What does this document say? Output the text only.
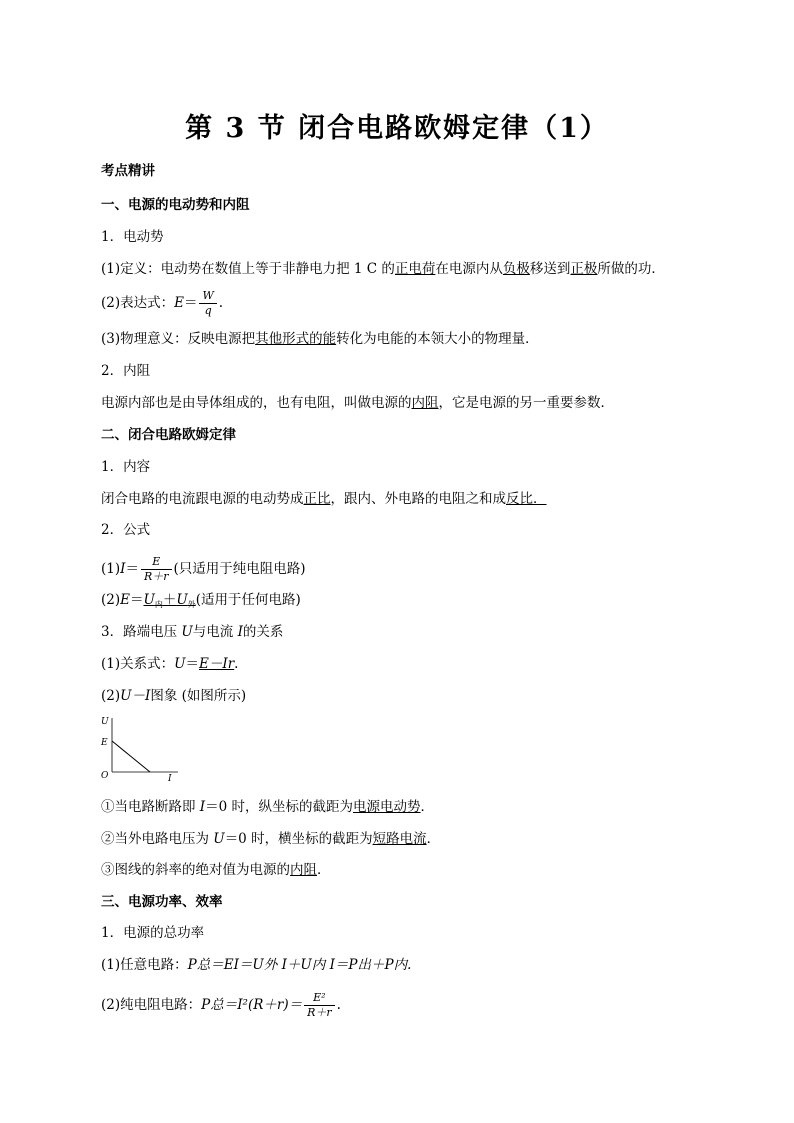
第 3 节 闭合电路欧姆定律（1）
考点精讲
一、电源的电动势和内阻
1．电动势
(1)定义：电动势在数值上等于非静电力把 1 C 的正电荷在电源内从负极移送到正极所做的功．
(2)表达式：$E= \frac{W}{q}$ .
(3)物理意义：反映电源把其他形式的能转化为电能的本领大小的物理量．
2．内阻
电源内部也是由导体组成的，也有电阻，叫做电源的内阻，它是电源的另一重要参数．
二、闭合电路欧姆定律
1．内容
闭合电路的电流跟电源的电动势成正比，跟内、外电路的电阻之和成反比．
2．公式
$(1)I= \frac{E}{R+r}$ (只适用于纯电阻电路)
$(2)E=U_内+U_外$(适用于任何电路)
3．路端电压 U与电流 I的关系
(1)关系式：U＝E－Ir.
(2)U－I图象 (如图所示)
U
E
O	I
①当电路断路即 I＝0 时，纵坐标的截距为电源电动势．
②当外电路电压为 U＝0 时，横坐标的截距为短路电流．
③图线的斜率的绝对值为电源的内阻．
三、电源功率、效率
1．电源的总功率
(1)任意电路：P总＝EI＝U外 I＋U内 I＝P出＋P内.
(2)纯电阻电路：P总$=I^2(R+r)= \frac{\text{E²}}{R+r}$ .
